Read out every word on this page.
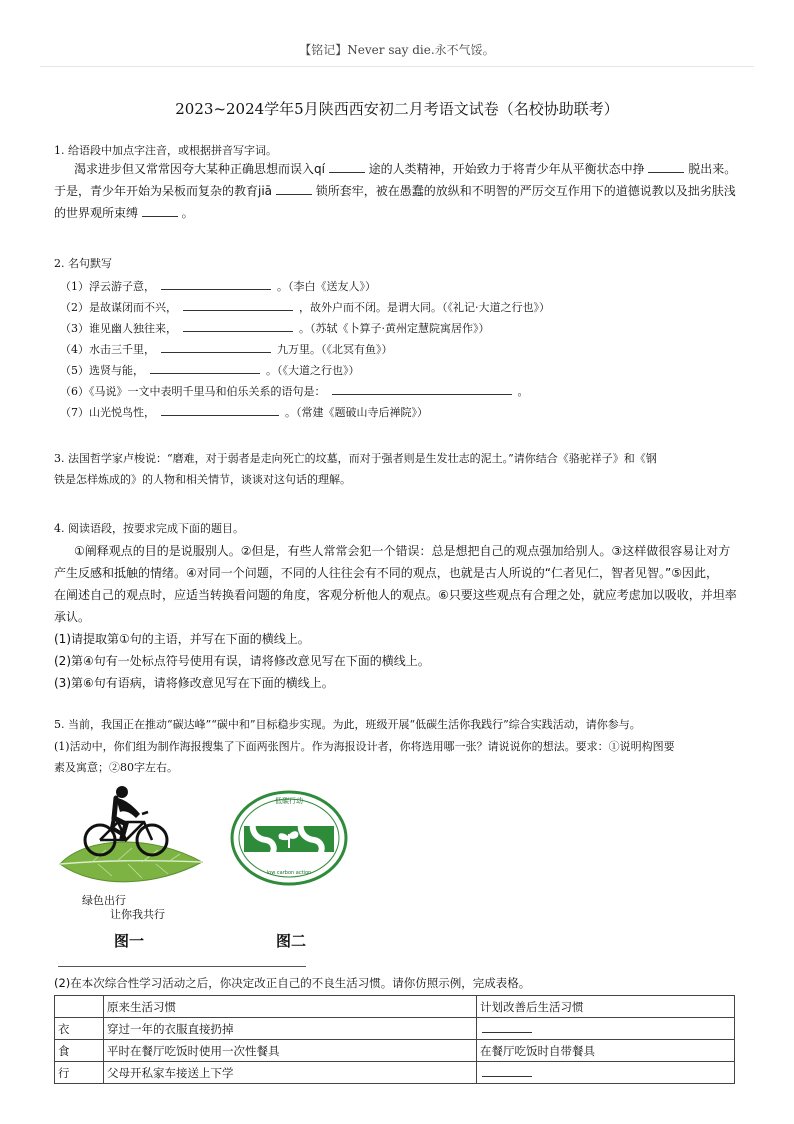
【铭记】Never say die.永不气馁。
2023~2024学年5月陕西西安初二月考语文试卷（名校协助联考）
1. 给语段中加点字注音，或根据拼音写字词。
渴求进步但又常常因夸大某种正确思想而误入qí	途的人类精神，开始致力于将青少年从平衡状态中挣	脱出来。
于是，青少年开始为呆板而复杂的教育jiā	锁所套牢，被在愚蠢的放纵和不明智的严厉交互作用下的道德说教以及拙劣肤浅
的世界观所束缚	。
2. 名句默写
（1）浮云游子意，	。（李白《送友人》）
（2）是故谋闭而不兴，	，故外户而不闭。是谓大同。（《礼记·大道之行也》）
（3）谁见幽人独往来，	。（苏轼《卜算子·黄州定慧院寓居作》）
（4）水击三千里，	九万里。（《北冥有鱼》）
（5）选贤与能，	。（《大道之行也》）
（6）《马说》一文中表明千里马和伯乐关系的语句是：	。
（7）山光悦鸟性，	。（常建《题破山寺后禅院》）
3. 法国哲学家卢梭说：“磨难，对于弱者是走向死亡的坟墓，而对于强者则是生发壮志的泥土。”请你结合《骆驼祥子》和《钢
铁是怎样炼成的》的人物和相关情节，谈谈对这句话的理解。
4. 阅读语段，按要求完成下面的题目。
①阐释观点的目的是说服别人。②但是，有些人常常会犯一个错误：总是想把自己的观点强加给别人。③这样做很容易让对方
产生反感和抵触的情绪。④对同一个问题，不同的人往往会有不同的观点，也就是古人所说的“仁者见仁，智者见智。”⑤因此，
在阐述自己的观点时，应适当转换看问题的角度，客观分析他人的观点。⑥只要这些观点有合理之处，就应考虑加以吸收，并坦率
承认。
(1)请提取第①句的主语，并写在下面的横线上。
(2)第④句有一处标点符号使用有误，请将修改意见写在下面的横线上。
(3)第⑥句有语病，请将修改意见写在下面的横线上。
5. 当前，我国正在推动“碳达峰”“碳中和”目标稳步实现。为此，班级开展“低碳生活你我践行”综合实践活动，请你参与。
(1)活动中，你们组为制作海报搜集了下面两张图片。作为海报设计者，你将选用哪一张？请说说你的想法。要求：①说明构图要
素及寓意；②80字左右。
绿色出行
让你我共行
低碳行动
low carbon action
图一	图二
(2)在本次综合性学习活动之后，你决定改正自己的不良生活习惯。请你仿照示例，完成表格。
	原来生活习惯	计划改善后生活习惯
衣	穿过一年的衣服直接扔掉	
食	平时在餐厅吃饭时使用一次性餐具	在餐厅吃饭时自带餐具
行	父母开私家车接送上下学	
